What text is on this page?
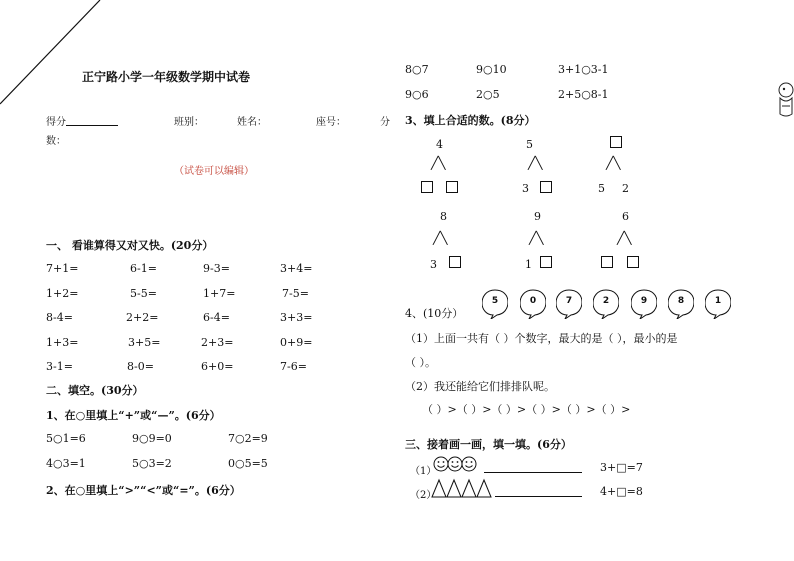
正宁路小学一年级数学期中试卷
得分	班别：	姓名：	座号：	分
数：
（试卷可以编辑）
一、 看谁算得又对又快。(20分）
7+1=	6-1=	9-3=	3+4=
1+2=	5-5=	1+7=	7-5=
8-4=	2+2=	6-4=	3+3=
1+3=	3+5=	2+3=	0+9=
3-1=	8-0=	6+0=	7-6=
二、填空。(30分）
1、在○里填上“+”或“—”。(6分）
5○1=6	9○9=0	7○2=9
4○3=1	5○3=2	0○5=5
2、在○里填上“>”“<”或“=”。(6分）
8○7	9○10	3+1○3-1
9○6	2○5	2+5○8-1
3、填上合适的数。(8分）
4	5
╱╲	╱╲	╱╲
3	5 2
8	9	6
╱╲	╱╲	╱╲
3	1
4、(10分）
5	0	7	2	9	8	1
（1）上面一共有（ ）个数字，最大的是（ ），最小的是
（ ）。
（2）我还能给它们排排队呢。
（ ）>（ ）>（ ）>（ ）>（ ）>（ ）>
三、接着画一画，填一填。(6分）
（1）	3+□=7
（2）	4+□=8
